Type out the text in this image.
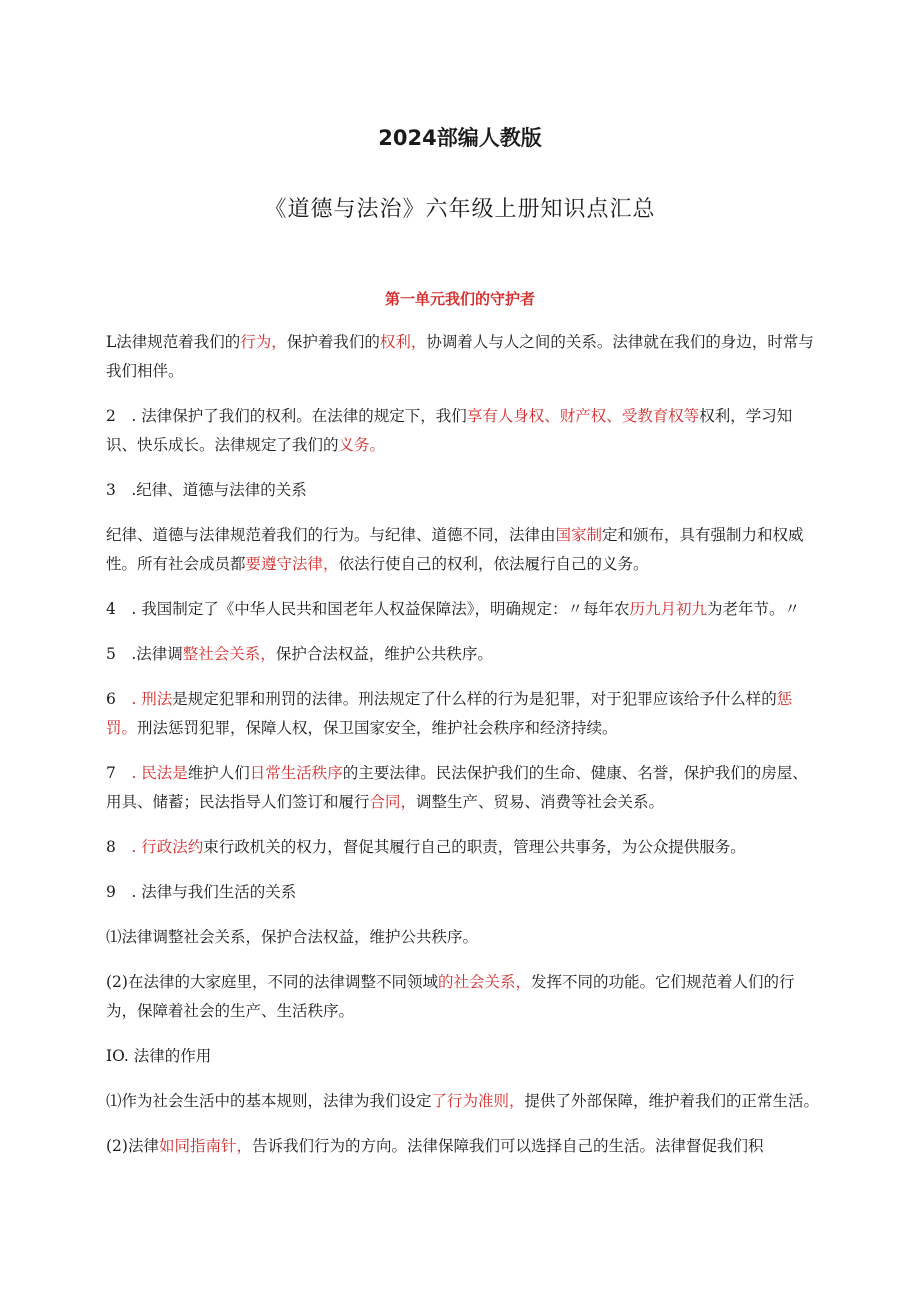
2024部编人教版
《道德与法治》六年级上册知识点汇总
第一单元我们的守护者

L法律规范着我们的行为，保护着我们的权利，协调着人与人之间的关系。法律就在我们的身边，时常与我们相伴。

2　. 法律保护了我们的权利。在法律的规定下，我们享有人身权、财产权、受教育权等权利，学习知识、快乐成长。法律规定了我们的义务。

3　.纪律、道德与法律的关系

纪律、道德与法律规范着我们的行为。与纪律、道德不同，法律由国家制定和颁布，具有强制力和权威性。所有社会成员都要遵守法律，依法行使自己的权利，依法履行自己的义务。

4　. 我国制定了《中华人民共和国老年人权益保障法》，明确规定：〃每年农历九月初九为老年节。〃

5　.法律调整社会关系，保护合法权益，维护公共秩序。

6　. 刑法是规定犯罪和刑罚的法律。刑法规定了什么样的行为是犯罪，对于犯罪应该给予什么样的惩罚。刑法惩罚犯罪，保障人权，保卫国家安全，维护社会秩序和经济持续。

7　. 民法是维护人们日常生活秩序的主要法律。民法保护我们的生命、健康、名誉，保护我们的房屋、用具、储蓄；民法指导人们签订和履行合同，调整生产、贸易、消费等社会关系。

8　. 行政法约束行政机关的权力，督促其履行自己的职责，管理公共事务，为公众提供服务。

9　. 法律与我们生活的关系

⑴法律调整社会关系，保护合法权益，维护公共秩序。

(2)在法律的大家庭里，不同的法律调整不同领域的社会关系，发挥不同的功能。它们规范着人们的行为，保障着社会的生产、生活秩序。

IO. 法律的作用

⑴作为社会生活中的基本规则，法律为我们设定了行为准则，提供了外部保障，维护着我们的正常生活。

(2)法律如同指南针，告诉我们行为的方向。法律保障我们可以选择自己的生活。法律督促我们积
